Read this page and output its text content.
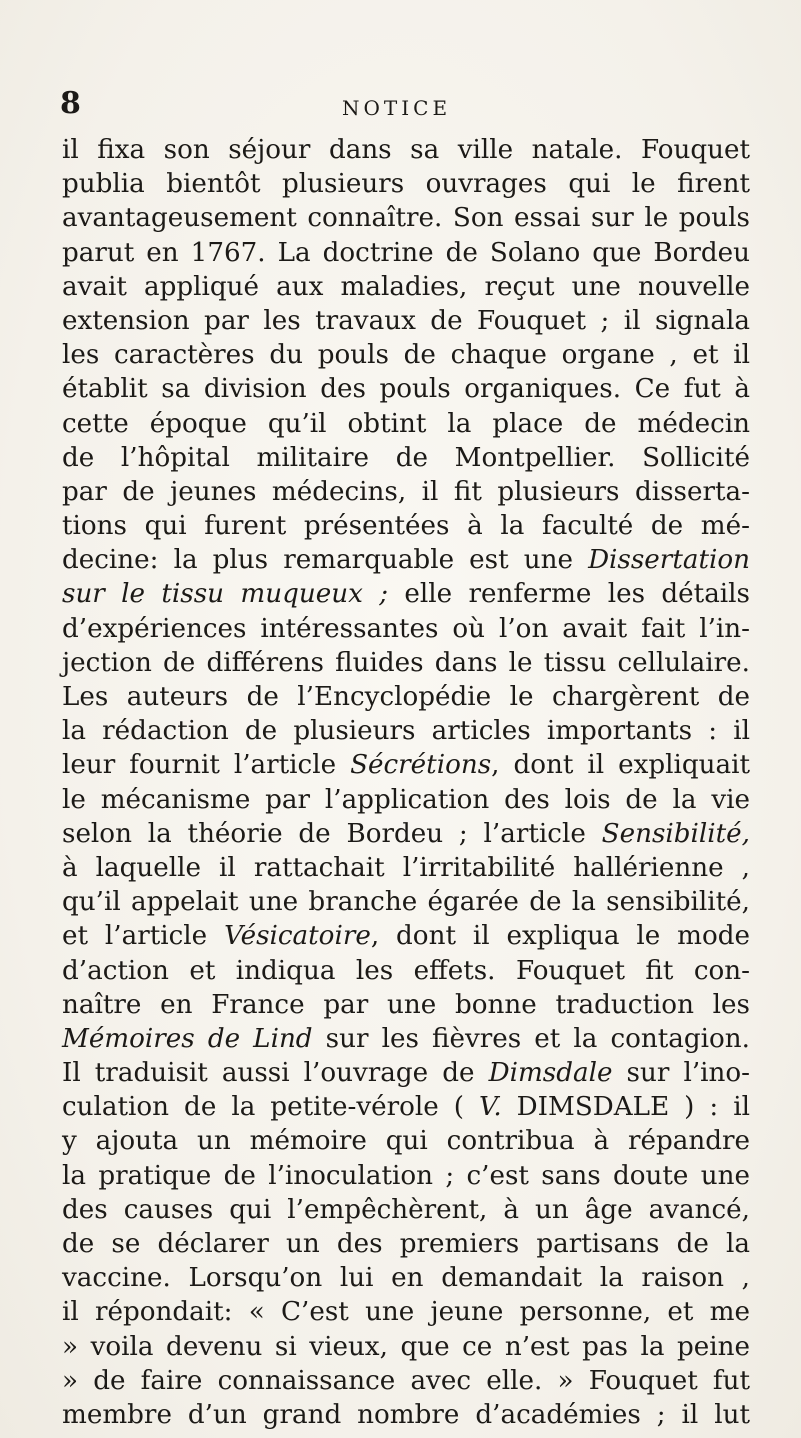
8	NOTICE
il fixa son séjour dans sa ville natale. Fouquet
publia bientôt plusieurs ouvrages qui le firent
avantageusement connaître. Son essai sur le pouls
parut en 1767. La doctrine de Solano que Bordeu
avait appliqué aux maladies, reçut une nouvelle
extension par les travaux de Fouquet ; il signala
les caractères du pouls de chaque organe , et il
établit sa division des pouls organiques. Ce fut à
cette époque qu’il obtint la place de médecin
de l’hôpital militaire de Montpellier. Sollicité
par de jeunes médecins, il fit plusieurs disserta-
tions qui furent présentées à la faculté de mé-
decine: la plus remarquable est une Dissertation
sur le tissu muqueux ; elle renferme les détails
d’expériences intéressantes où l’on avait fait l’in-
jection de différens fluides dans le tissu cellulaire.
Les auteurs de l’Encyclopédie le chargèrent de
la rédaction de plusieurs articles importants : il
leur fournit l’article Sécrétions, dont il expliquait
le mécanisme par l’application des lois de la vie
selon la théorie de Bordeu ; l’article Sensibilité,
à laquelle il rattachait l’irritabilité hallérienne ,
qu’il appelait une branche égarée de la sensibilité,
et l’article Vésicatoire, dont il expliqua le mode
d’action et indiqua les effets. Fouquet fit con-
naître en France par une bonne traduction les
Mémoires de Lind sur les fièvres et la contagion.
Il traduisit aussi l’ouvrage de Dimsdale sur l’ino-
culation de la petite-vérole ( V. DIMSDALE ) : il
y ajouta un mémoire qui contribua à répandre
la pratique de l’inoculation ; c’est sans doute une
des causes qui l’empêchèrent, à un âge avancé,
de se déclarer un des premiers partisans de la
vaccine. Lorsqu’on lui en demandait la raison ,
il répondait: « C’est une jeune personne, et me
» voila devenu si vieux, que ce n’est pas la peine
» de faire connaissance avec elle. » Fouquet fut
membre d’un grand nombre d’académies ; il lut
